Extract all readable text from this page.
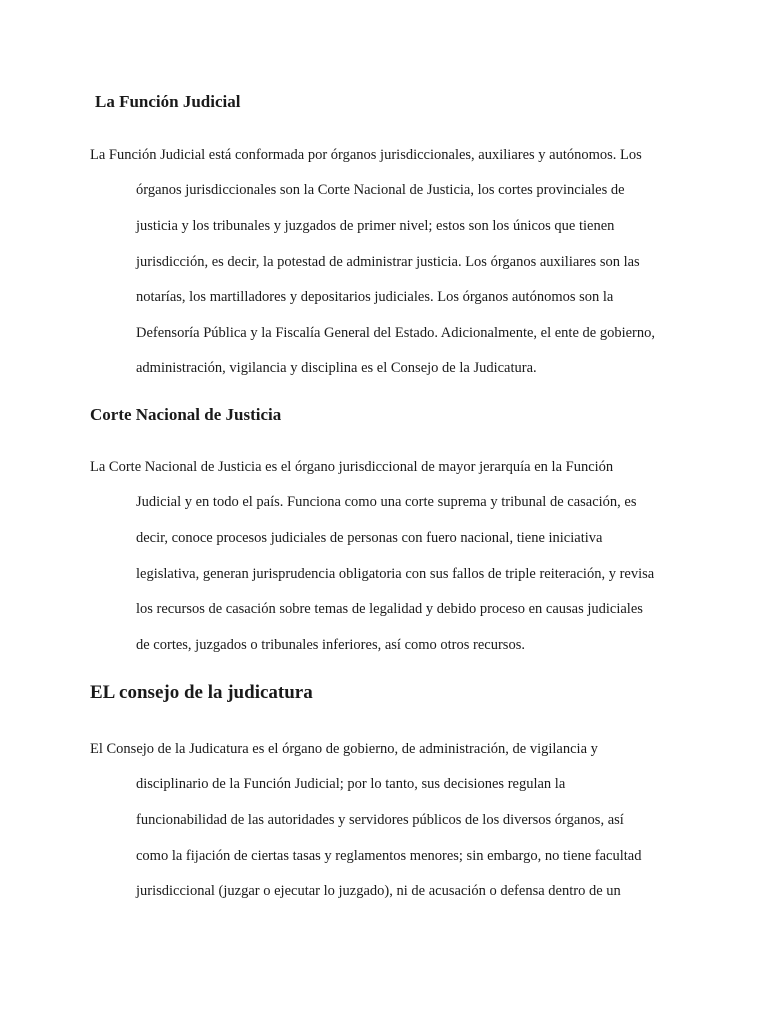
La Función Judicial
La Función Judicial está conformada por órganos jurisdiccionales, auxiliares y autónomos. Los
órganos jurisdiccionales son la Corte Nacional de Justicia, los cortes provinciales de
justicia y los tribunales y juzgados de primer nivel; estos son los únicos que tienen
jurisdicción, es decir, la potestad de administrar justicia. Los órganos auxiliares son las
notarías, los martilladores y depositarios judiciales. Los órganos autónomos son la
Defensoría Pública y la Fiscalía General del Estado. Adicionalmente, el ente de gobierno,
administración, vigilancia y disciplina es el Consejo de la Judicatura.
Corte Nacional de Justicia
La Corte Nacional de Justicia es el órgano jurisdiccional de mayor jerarquía en la Función
Judicial y en todo el país. Funciona como una corte suprema y tribunal de casación, es
decir, conoce procesos judiciales de personas con fuero nacional, tiene iniciativa
legislativa, generan jurisprudencia obligatoria con sus fallos de triple reiteración, y revisa
los recursos de casación sobre temas de legalidad y debido proceso en causas judiciales
de cortes, juzgados o tribunales inferiores, así como otros recursos.
EL consejo de la judicatura
El Consejo de la Judicatura es el órgano de gobierno, de administración, de vigilancia y
disciplinario de la Función Judicial; por lo tanto, sus decisiones regulan la
funcionabilidad de las autoridades y servidores públicos de los diversos órganos, así
como la fijación de ciertas tasas y reglamentos menores; sin embargo, no tiene facultad
jurisdiccional (juzgar o ejecutar lo juzgado), ni de acusación o defensa dentro de un
